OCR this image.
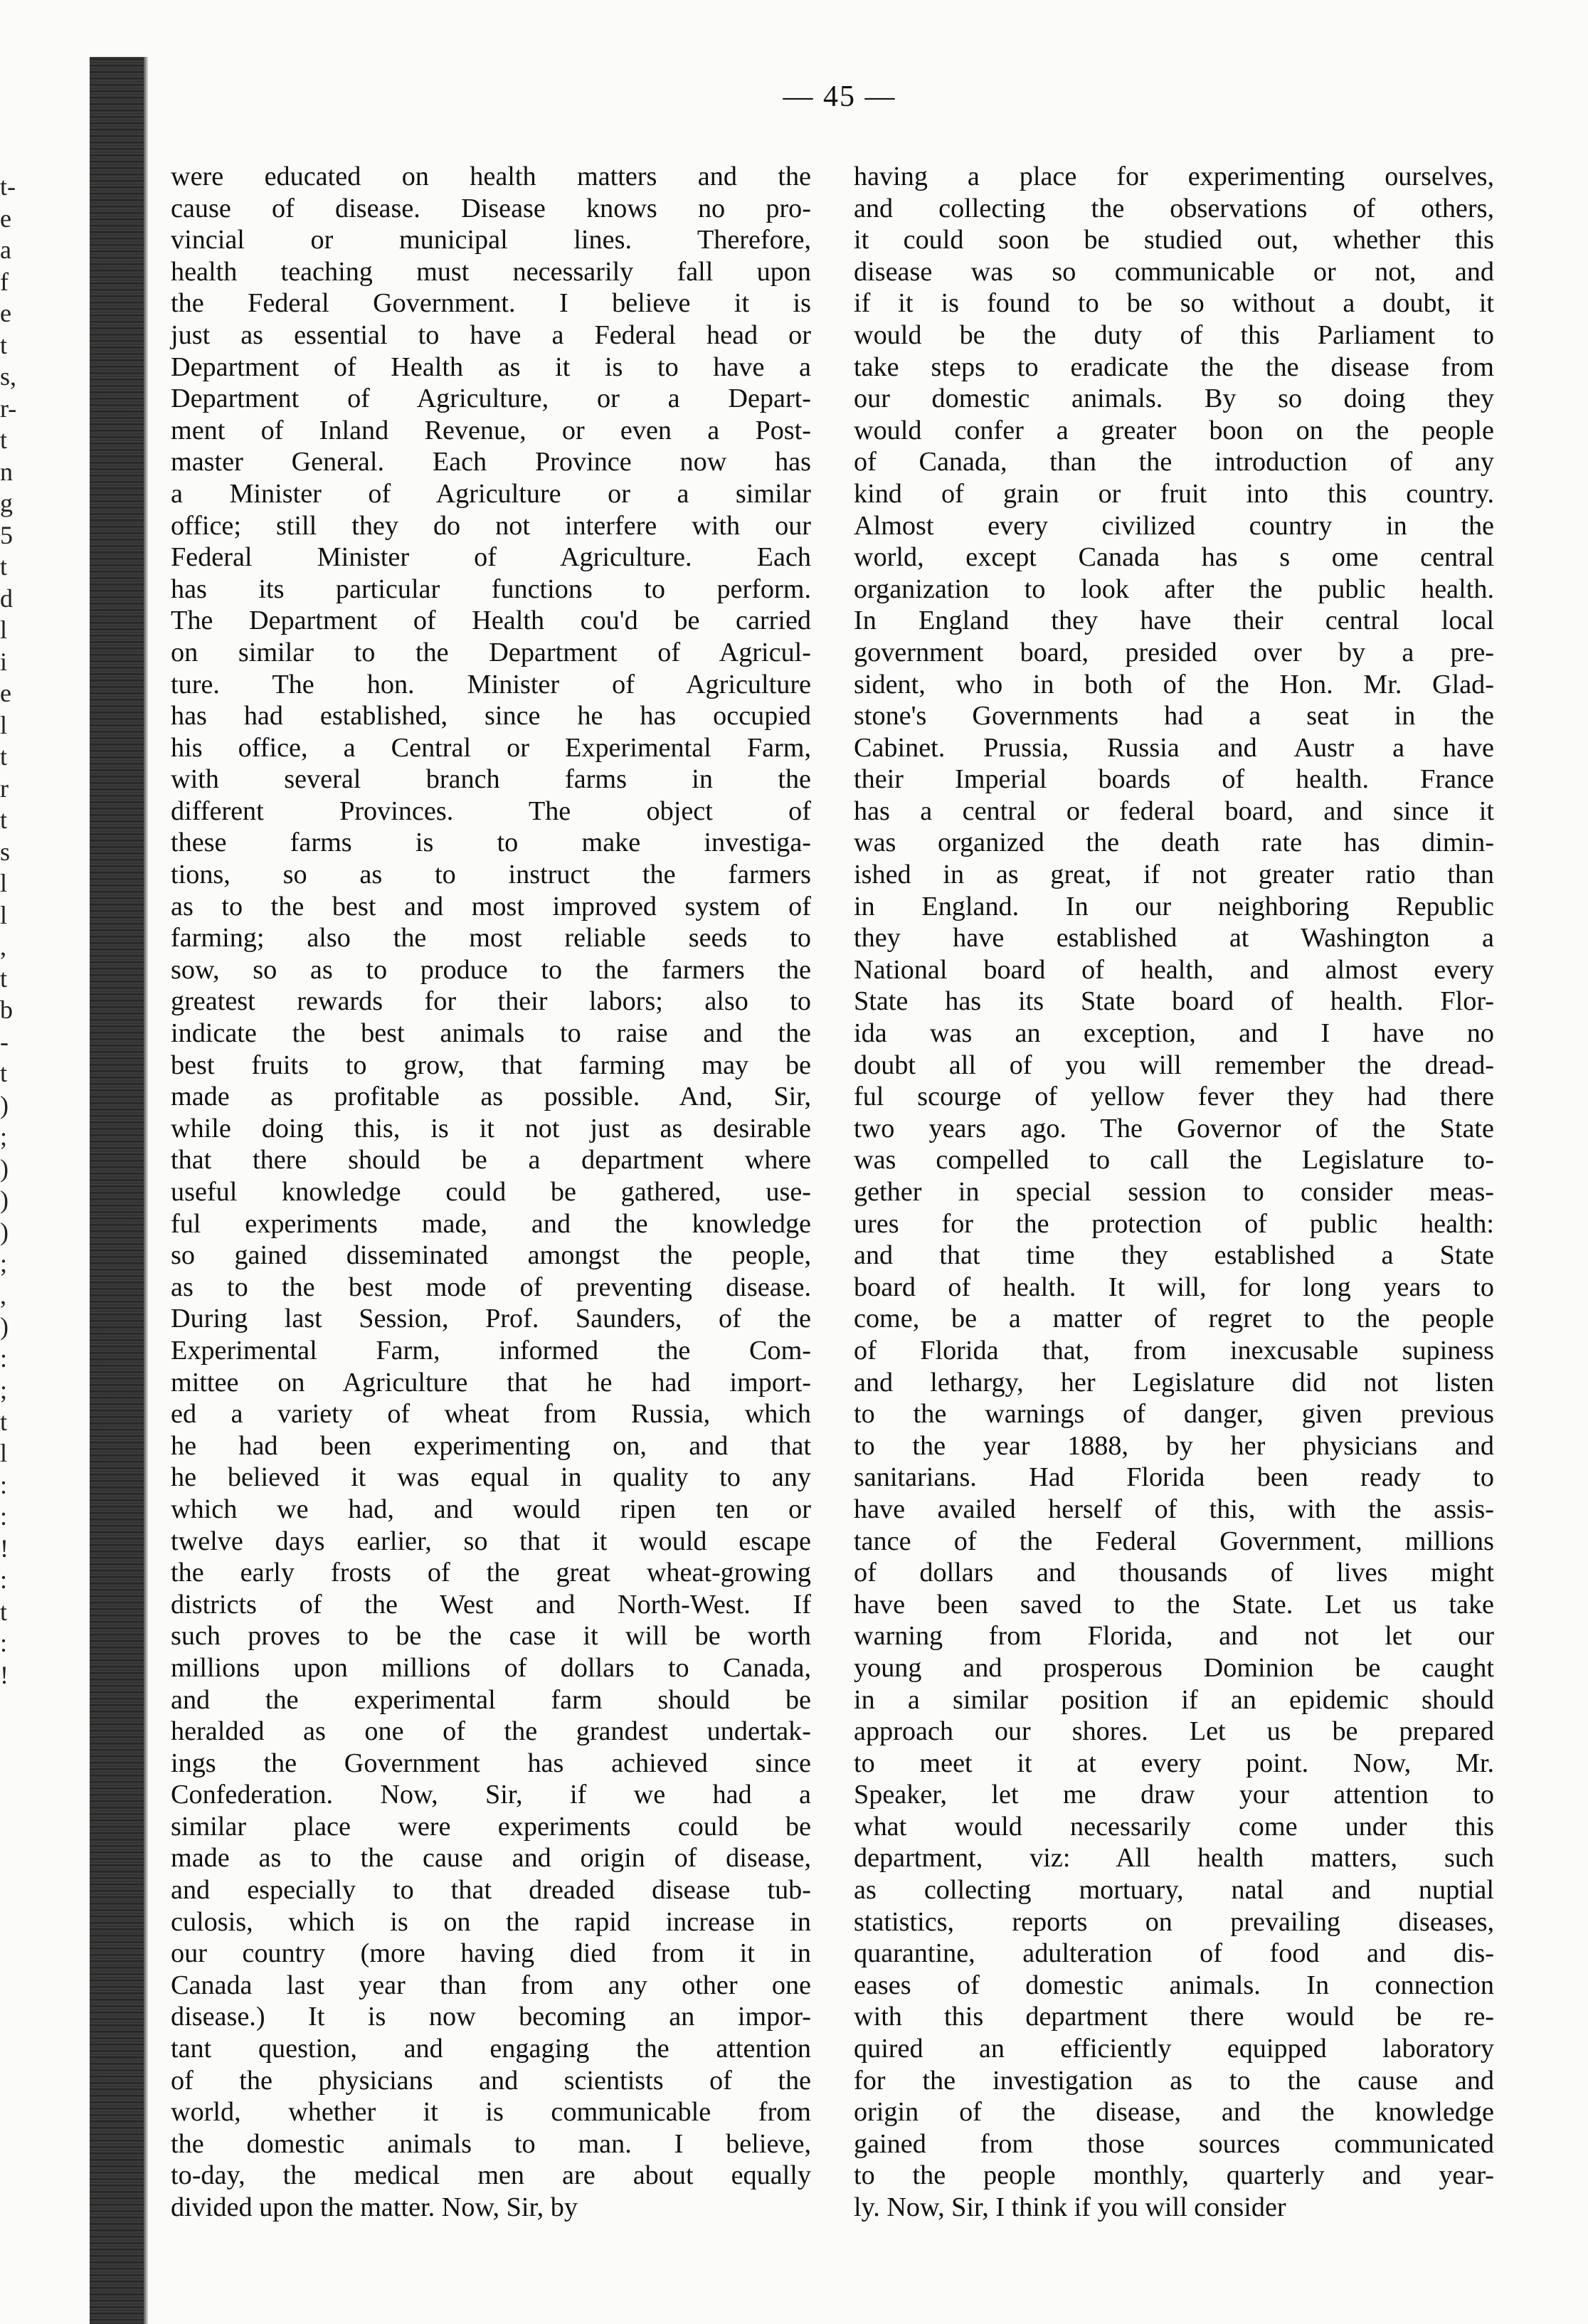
t-
e
a
f
e
t
s,
r-
t
n
g
5
t
d
l
i
e
l
t
r
t
s
l
l
,
t
b
-
t
)
;
)
)
)
;
,
)
:
;
t
l
:
:
!
:
t
:
!
— 45 —
were educated on health matters and the
cause of disease. Disease knows no pro-
vincial or municipal lines. Therefore,
health teaching must necessarily fall upon
the Federal Government. I believe it is
just as essential to have a Federal head or
Department of Health as it is to have a
Department of Agriculture, or a Depart-
ment of Inland Revenue, or even a Post-
master General. Each Province now has
a Minister of Agriculture or a similar
office; still they do not interfere with our
Federal Minister of Agriculture. Each
has its particular functions to perform.
The Department of Health cou'd be carried
on similar to the Department of Agricul-
ture. The hon. Minister of Agriculture
has had established, since he has occupied
his office, a Central or Experimental Farm,
with several branch farms in the
different Provinces. The object of
these farms is to make investiga-
tions, so as to instruct the farmers
as to the best and most improved system of
farming; also the most reliable seeds to
sow, so as to produce to the farmers the
greatest rewards for their labors; also to
indicate the best animals to raise and the
best fruits to grow, that farming may be
made as profitable as possible. And, Sir,
while doing this, is it not just as desirable
that there should be a department where
useful knowledge could be gathered, use-
ful experiments made, and the knowledge
so gained disseminated amongst the people,
as to the best mode of preventing disease.
During last Session, Prof. Saunders, of the
Experimental Farm, informed the Com-
mittee on Agriculture that he had import-
ed a variety of wheat from Russia, which
he had been experimenting on, and that
he believed it was equal in quality to any
which we had, and would ripen ten or
twelve days earlier, so that it would escape
the early frosts of the great wheat-growing
districts of the West and North-West. If
such proves to be the case it will be worth
millions upon millions of dollars to Canada,
and the experimental farm should be
heralded as one of the grandest undertak-
ings the Government has achieved since
Confederation. Now, Sir, if we had a
similar place were experiments could be
made as to the cause and origin of disease,
and especially to that dreaded disease tub-
culosis, which is on the rapid increase in
our country (more having died from it in
Canada last year than from any other one
disease.) It is now becoming an impor-
tant question, and engaging the attention
of the physicians and scientists of the
world, whether it is communicable from
the domestic animals to man. I believe,
to-day, the medical men are about equally
divided upon the matter. Now, Sir, by
having a place for experimenting ourselves,
and collecting the observations of others,
it could soon be studied out, whether this
disease was so communicable or not, and
if it is found to be so without a doubt, it
would be the duty of this Parliament to
take steps to eradicate the the disease from
our domestic animals. By so doing they
would confer a greater boon on the people
of Canada, than the introduction of any
kind of grain or fruit into this country.
Almost every civilized country in the
world, except Canada has s ome central
organization to look after the public health.
In England they have their central local
government board, presided over by a pre-
sident, who in both of the Hon. Mr. Glad-
stone's Governments had a seat in the
Cabinet. Prussia, Russia and Austr a have
their Imperial boards of health. France
has a central or federal board, and since it
was organized the death rate has dimin-
ished in as great, if not greater ratio than
in England. In our neighboring Republic
they have established at Washington a
National board of health, and almost every
State has its State board of health. Flor-
ida was an exception, and I have no
doubt all of you will remember the dread-
ful scourge of yellow fever they had there
two years ago. The Governor of the State
was compelled to call the Legislature to-
gether in special session to consider meas-
ures for the protection of public health:
and that time they established a State
board of health. It will, for long years to
come, be a matter of regret to the people
of Florida that, from inexcusable supiness
and lethargy, her Legislature did not listen
to the warnings of danger, given previous
to the year 1888, by her physicians and
sanitarians. Had Florida been ready to
have availed herself of this, with the assis-
tance of the Federal Government, millions
of dollars and thousands of lives might
have been saved to the State. Let us take
warning from Florida, and not let our
young and prosperous Dominion be caught
in a similar position if an epidemic should
approach our shores. Let us be prepared
to meet it at every point. Now, Mr.
Speaker, let me draw your attention to
what would necessarily come under this
department, viz: All health matters, such
as collecting mortuary, natal and nuptial
statistics, reports on prevailing diseases,
quarantine, adulteration of food and dis-
eases of domestic animals. In connection
with this department there would be re-
quired an efficiently equipped laboratory
for the investigation as to the cause and
origin of the disease, and the knowledge
gained from those sources communicated
to the people monthly, quarterly and year-
ly. Now, Sir, I think if you will consider
